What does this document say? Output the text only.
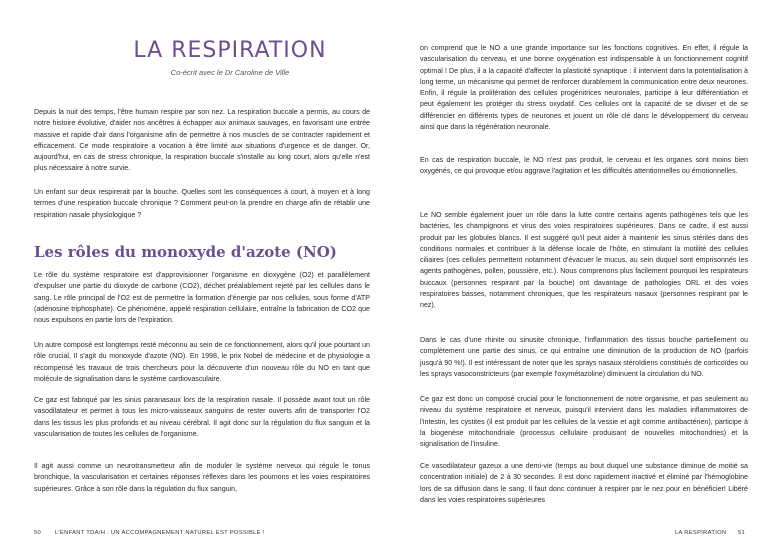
LA RESPIRATION
Co-écrit avec le Dr Caroline de Ville

Depuis la nuit des temps, l'être humain respire par son nez. La respiration buccale a permis, au cours de notre histoire évolutive, d'aider nos ancêtres à échapper aux animaux sauvages, en favorisant une entrée massive et rapide d'air dans l'organisme afin de permettre à nos muscles de se contracter rapidement et efficacement. Ce mode respiratoire a vocation à être limité aux situations d'urgence et de danger. Or, aujourd'hui, en cas de stress chronique, la respiration buccale s'installe au long court, alors qu'elle n'est plus nécessaire à notre survie.

Un enfant sur deux respirerait par la bouche. Quelles sont les conséquences à court, à moyen et à long termes d'une respiration buccale chronique ? Comment peut-on la prendre en charge afin de rétablir une respiration nasale physiologique ?

Les rôles du monoxyde d'azote (NO)

Le rôle du système respiratoire est d'approvisionner l'organisme en dioxygène (O2) et parallèlement d'expulser une partie du dioxyde de carbone (CO2), déchet préalablement rejeté par les cellules dans le sang. Le rôle principal de l'O2 est de permettre la formation d'énergie par nos cellules, sous forme d'ATP (adénosine triphosphate). Ce phénomène, appelé respiration cellulaire, entraîne la fabrication de CO2 que nous expulsons en partie lors de l'expiration.

Un autre composé est longtemps resté méconnu au sein de ce fonctionnement, alors qu'il joue pourtant un rôle crucial. Il s'agit du monoxyde d'azote (NO). En 1998, le prix Nobel de médecine et de physiologie a récompensé les travaux de trois chercheurs pour la découverte d'un nouveau rôle du NO en tant que molécule de signalisation dans le système cardiovasculaire.

Ce gaz est fabriqué par les sinus paranasaux lors de la respiration nasale. Il possède avant tout un rôle vasodilatateur et permet à tous les micro-vaisseaux sanguins de rester ouverts afin de transporter l'O2 dans les tissus les plus profonds et au niveau cérébral. Il agit donc sur la régulation du flux sanguin et la vascularisation de toutes les cellules de l'organisme.

Il agit aussi comme un neurotransmetteur afin de moduler le système nerveux qui régule le tonus bronchique, la vascularisation et certaines réponses réflexes dans les poumons et les voies respiratoires supérieures. Grâce à son rôle dans la régulation du flux sanguin,

on comprend que le NO a une grande importance sur les fonctions cognitives. En effet, il régule la vascularisation du cerveau, et une bonne oxygénation est indispensable à un fonctionnement cognitif optimal ! De plus, il a la capacité d'affecter la plasticité synaptique : il intervient dans la potentialisation à long terme, un mécanisme qui permet de renforcer durablement la communication entre deux neurones. Enfin, il régule la prolifération des cellules progénitrices neuronales, participe à leur différentiation et peut également les protéger du stress oxydatif. Ces cellules ont la capacité de se diviser et de se différencier en différents types de neurones et jouent un rôle clé dans le développement du cerveau ainsi que dans la régénération neuronale.

En cas de respiration buccale, le NO n'est pas produit, le cerveau et les organes sont moins bien oxygénés, ce qui provoque et/ou aggrave l'agitation et les difficultés attentionnelles ou émotionnelles.

Le NO semble également jouer un rôle dans la lutte contre certains agents pathogènes tels que les bactéries, les champignons et virus des voies respiratoires supérieures. Dans ce cadre, il est aussi produit par les globules blancs. Il est suggéré qu'il peut aider à maintenir les sinus stériles dans des conditions normales et contribuer à la défense locale de l'hôte, en stimulant la motilité des cellules ciliaires (ces cellules permettent notamment d'évacuer le mucus, au sein duquel sont emprisonnés les agents pathogènes, pollen, poussière, etc.). Nous comprenons plus facilement pourquoi les respirateurs buccaux (personnes respirant par la bouche) ont davantage de pathologies ORL et des voies respiratoires basses, notamment chroniques, que les respirateurs nasaux (personnes respirant par le nez).

Dans le cas d'une rhinite ou sinusite chronique, l'inflammation des tissus bouche partiellement ou complètement une partie des sinus, ce qui entraîne une diminution de la production de NO (parfois jusqu'à 90 %!). Il est intéressant de noter que les sprays nasaux stéroïdiens constitués de corticoïdes ou les sprays vasoconstricteurs (par exemple l'oxymétazoline) diminuent la circulation du NO.

Ce gaz est donc un composé crucial pour le fonctionnement de notre organisme, et pas seulement au niveau du système respiratoire et nerveux, puisqu'il intervient dans les maladies inflammatoires de l'intestin, les cystites (il est produit par les cellules de la vessie et agit comme antibactérien), participe à la biogenèse mitochondriale (processus cellulaire produisant de nouvelles mitochondries) et la signalisation de l'insuline.

Ce vasodilatateur gazeux a une demi-vie (temps au bout duquel une substance diminue de moitié sa concentration initiale) de 2 à 30 secondes. Il est donc rapidement inactivé et éliminé par l'hémoglobine lors de sa diffusion dans le sang. Il faut donc continuer à respirer par le nez pour en bénéficier! Libéré dans les voies respiratoires supérieures

50 L'ENFANT TDA/H : UN ACCOMPAGNEMENT NATUREL EST POSSIBLE !	LA RESPIRATION 51
